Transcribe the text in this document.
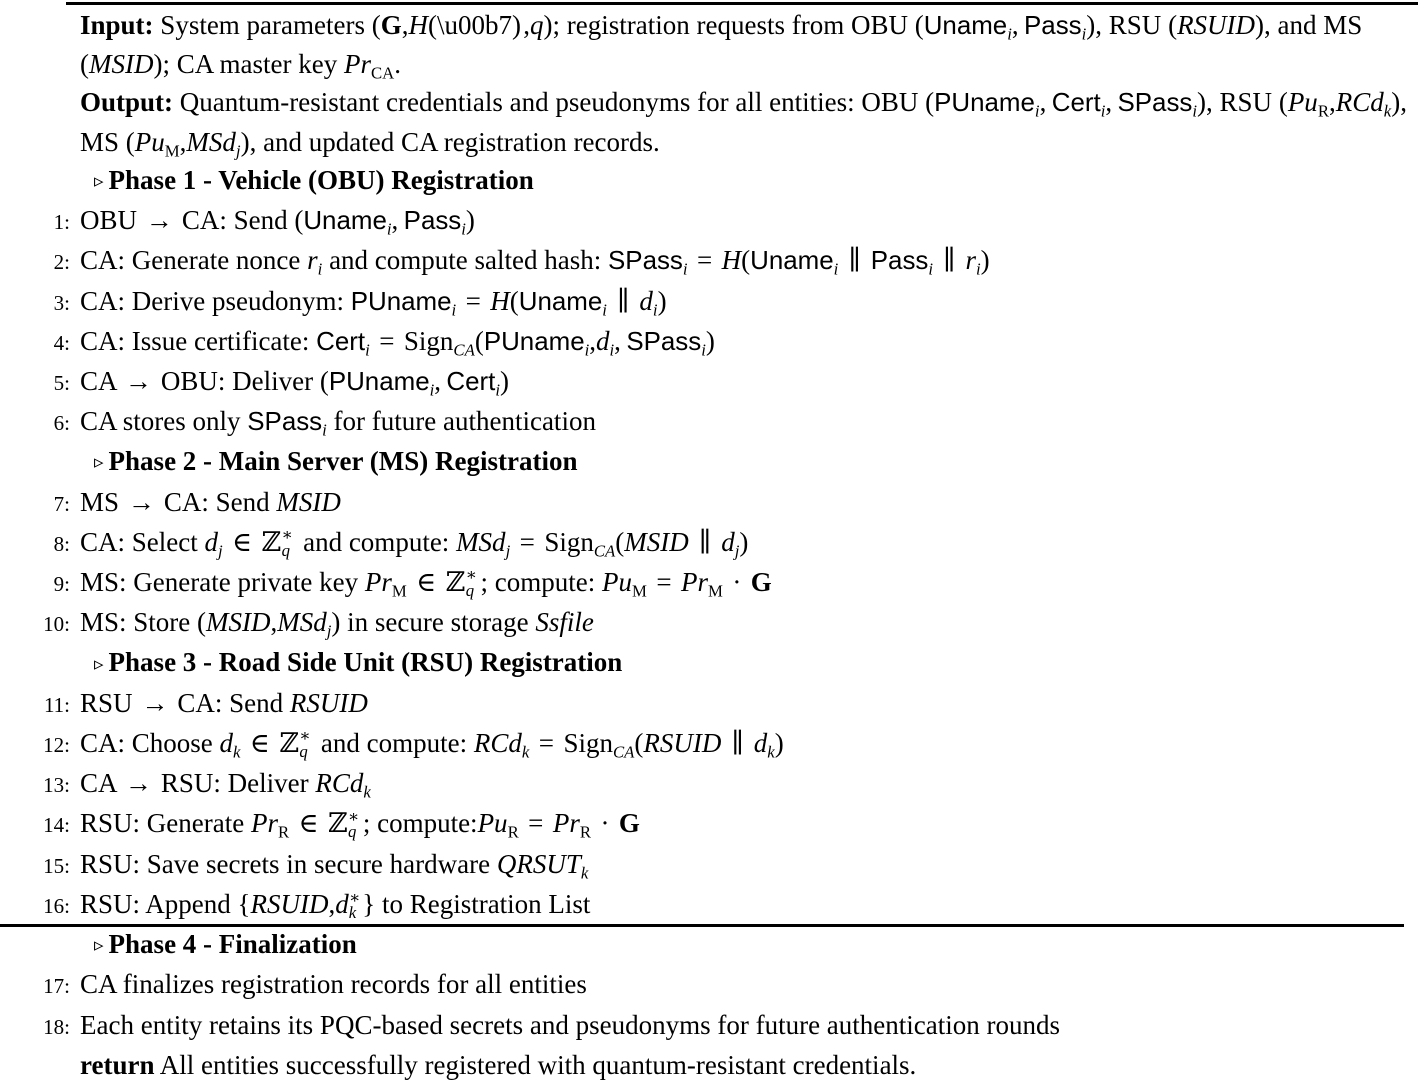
Input: System parameters (G,H(\u00b7) ,q); registration requests from OBU (Uname$_i$,  Pass$_i$), RSU (RSUID), and MS (MSID); CA master key $Pr_{CA}$.
Output: Quantum-resistant credentials and pseudonyms for all entities: OBU (PUname$_i$,  Cert$_i$,  SPass$_i$), RSU $(Pu_R,RCd_k)$, MS $(Pu_M,MSd_j)$, and updated CA registration records.
▹ Phase 1 - Vehicle (OBU) Registration
1: OBU → CA: Send (Uname$_i$,  Pass$_i$)
2: CA: Generate nonce $r_i$ and compute salted hash: SPass$_i$ = H(Uname$_i$ ∥ Pass$_i$ ∥ $r_i$)
3: CA: Derive pseudonym: PUname$_i$ = H(Uname$_i$ ∥ $d_i$)
4: CA: Issue certificate: Cert$_i$ = $Sign_{CA}(PUname_i,d_i$,  SPass$_i$)
5: CA → OBU: Deliver (PUname$_i$,  Cert$_i$)
6: CA stores only SPass$_i$ for future authentication
▹ Phase 2 - Main Server (MS) Registration
7: MS → CA: Send MSID
8: CA: Select $d_j$ ∈ ℤ ∗
q and compute: MSd$_j$ = Sign$_{CA}$(MSID ∥ $d_j$)
9: MS: Generate private key $Pr_M$ ∈ ℤ ∗
q ; compute: $Pu_M = Pr_M \cdot G$
10: MS: Store (MSID,MSd$_j$) in secure storage Ssfile
▹ Phase 3 - Road Side Unit (RSU) Registration
11: RSU → CA: Send RSUID
12: CA: Choose $d_k$ ∈ ℤ ∗
q and compute: RCd$_k$ = Sign$_{CA}$(RSUID ∥ $d_k$)
13: CA → RSU: Deliver RCd$_k$
14: RSU: Generate $Pr_R$ ∈ ℤ ∗
q ; $compute:Pu_R = Pr_R \cdot G$
15: RSU: Save secrets in secure hardware $QRSUT_k$
16: RSU: Append {RSUID,d ∗
k } to Registration List
▹ Phase 4 - Finalization
17: CA finalizes registration records for all entities
18: Each entity retains its PQC-based secrets and pseudonyms for future authentication rounds
return All entities successfully registered with quantum-resistant credentials.
